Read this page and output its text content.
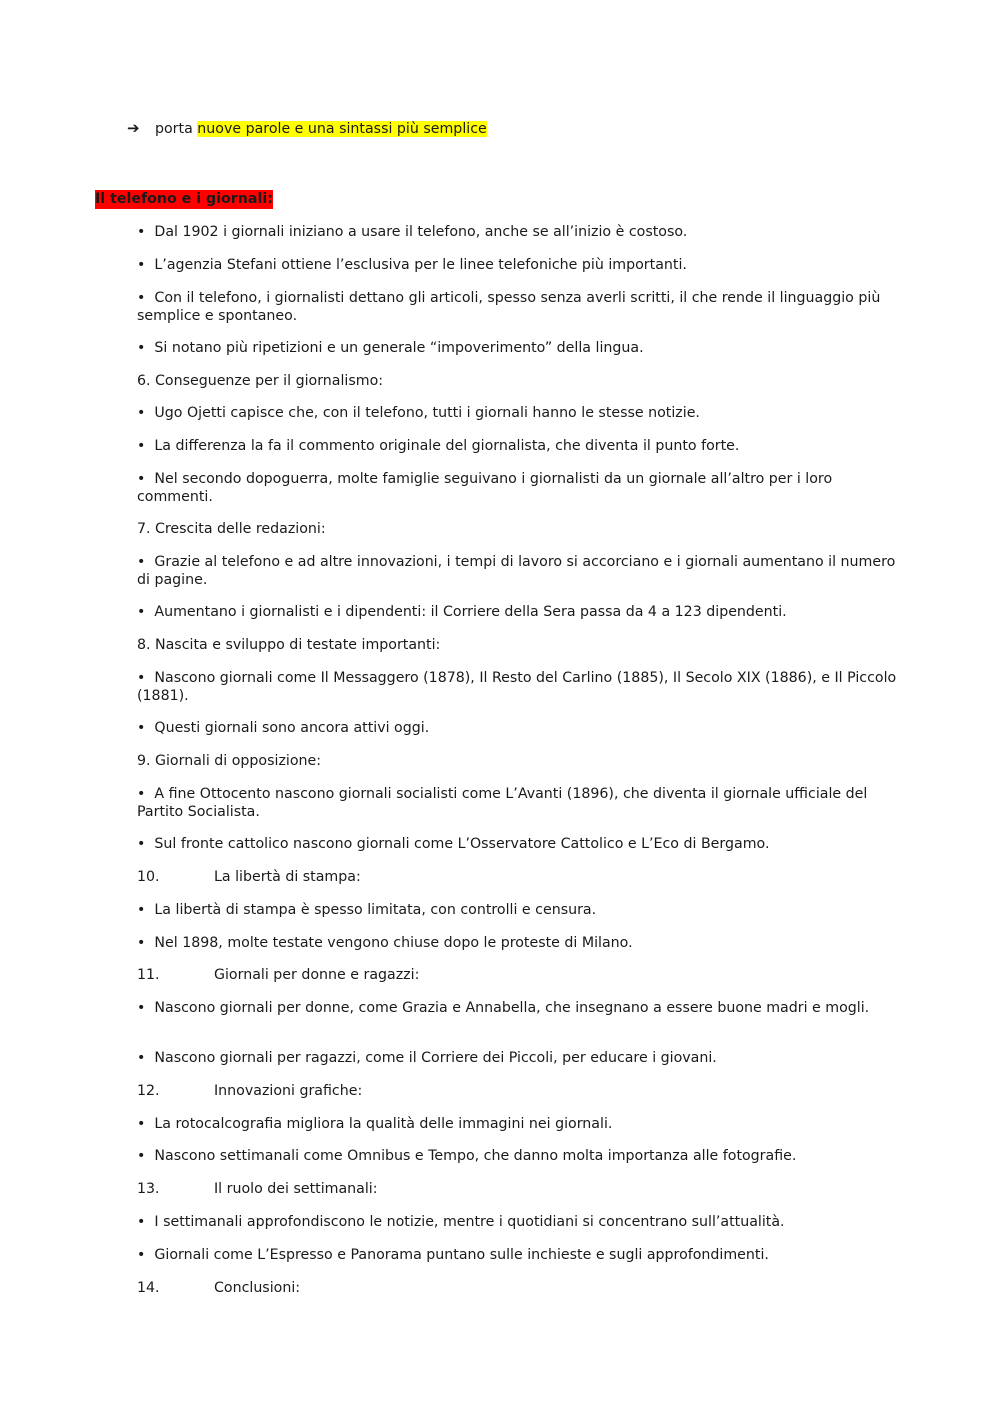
➔ porta nuove parole e una sintassi più semplice
Il telefono e i giornali:

• Dal 1902 i giornali iniziano a usare il telefono, anche se all’inizio è costoso.

• L’agenzia Stefani ottiene l’esclusiva per le linee telefoniche più importanti.

• Con il telefono, i giornalisti dettano gli articoli, spesso senza averli scritti, il che rende il linguaggio più semplice e spontaneo.

• Si notano più ripetizioni e un generale “impoverimento” della lingua.

6. Conseguenze per il giornalismo:

• Ugo Ojetti capisce che, con il telefono, tutti i giornali hanno le stesse notizie.

• La differenza la fa il commento originale del giornalista, che diventa il punto forte.

• Nel secondo dopoguerra, molte famiglie seguivano i giornalisti da un giornale all’altro per i loro commenti.

7. Crescita delle redazioni:

• Grazie al telefono e ad altre innovazioni, i tempi di lavoro si accorciano e i giornali aumentano il numero di pagine.

• Aumentano i giornalisti e i dipendenti: il Corriere della Sera passa da 4 a 123 dipendenti.

8. Nascita e sviluppo di testate importanti:

• Nascono giornali come Il Messaggero (1878), Il Resto del Carlino (1885), Il Secolo XIX (1886), e Il Piccolo (1881).

• Questi giornali sono ancora attivi oggi.

9. Giornali di opposizione:

• A fine Ottocento nascono giornali socialisti come L’Avanti (1896), che diventa il giornale ufficiale del Partito Socialista.

• Sul fronte cattolico nascono giornali come L’Osservatore Cattolico e L’Eco di Bergamo.

10.	La libertà di stampa:

• La libertà di stampa è spesso limitata, con controlli e censura.

• Nel 1898, molte testate vengono chiuse dopo le proteste di Milano.

11.	Giornali per donne e ragazzi:

• Nascono giornali per donne, come Grazia e Annabella, che insegnano a essere buone madri e mogli.

• Nascono giornali per ragazzi, come il Corriere dei Piccoli, per educare i giovani.

12.	Innovazioni grafiche:

• La rotocalcografia migliora la qualità delle immagini nei giornali.

• Nascono settimanali come Omnibus e Tempo, che danno molta importanza alle fotografie.

13.	Il ruolo dei settimanali:

• I settimanali approfondiscono le notizie, mentre i quotidiani si concentrano sull’attualità.

• Giornali come L’Espresso e Panorama puntano sulle inchieste e sugli approfondimenti.

14.	Conclusioni:
